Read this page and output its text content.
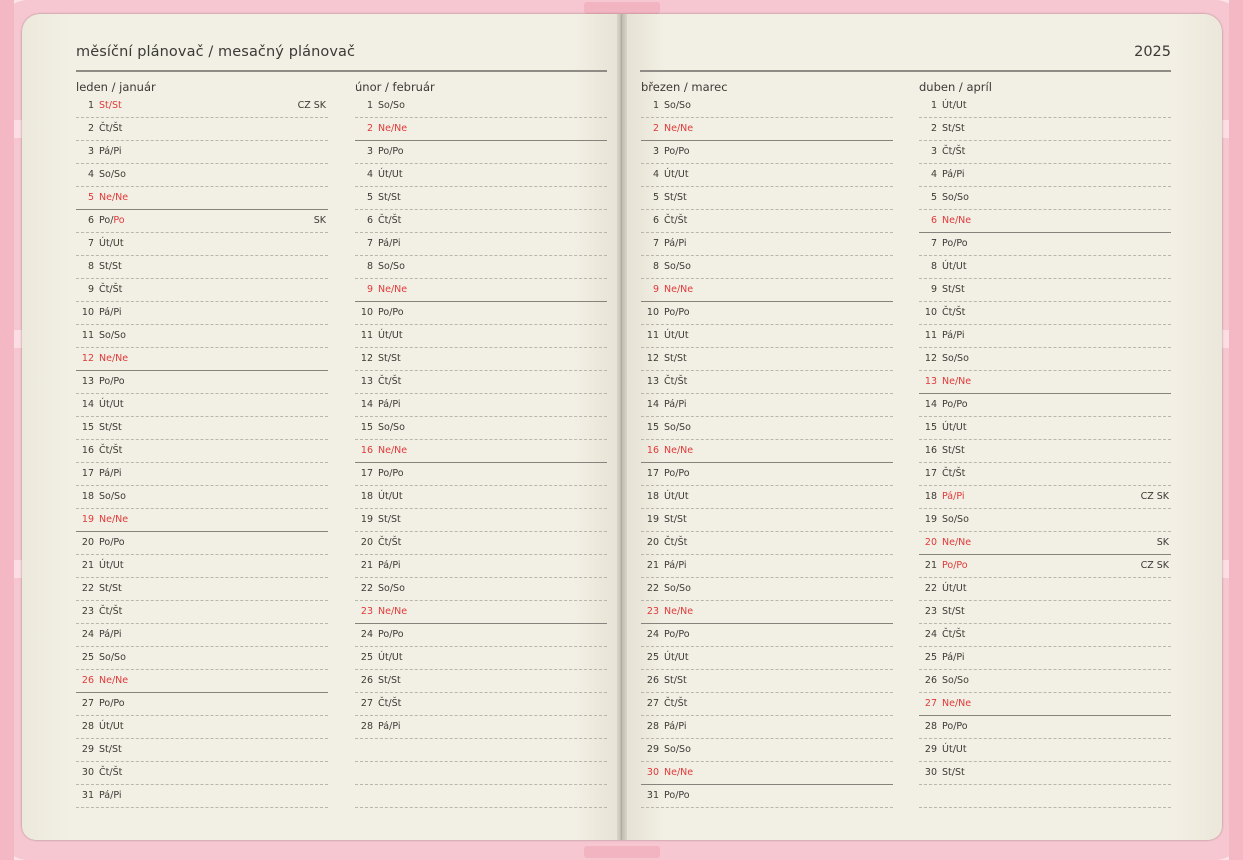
měsíční plánovač / mesačný plánovač	2025
leden / január
1 St/St	CZ SK
2 Čt/Št
3 Pá/Pi
4 So/So
5 Ne/Ne
6 Po/Po	SK
7 Út/Ut
8 St/St
9 Čt/Št
10 Pá/Pi
11 So/So
12 Ne/Ne
13 Po/Po
14 Út/Ut
15 St/St
16 Čt/Št
17 Pá/Pi
18 So/So
19 Ne/Ne
20 Po/Po
21 Út/Ut
22 St/St
23 Čt/Št
24 Pá/Pi
25 So/So
26 Ne/Ne
27 Po/Po
28 Út/Ut
29 St/St
30 Čt/Št
31 Pá/Pi
únor / február
1 So/So
2 Ne/Ne
3 Po/Po
4 Út/Ut
5 St/St
6 Čt/Št
7 Pá/Pi
8 So/So
9 Ne/Ne
10 Po/Po
11 Út/Ut
12 St/St
13 Čt/Št
14 Pá/Pi
15 So/So
16 Ne/Ne
17 Po/Po
18 Út/Ut
19 St/St
20 Čt/Št
21 Pá/Pi
22 So/So
23 Ne/Ne
24 Po/Po
25 Út/Ut
26 St/St
27 Čt/Št
28 Pá/Pi
březen / marec
1 So/So
2 Ne/Ne
3 Po/Po
4 Út/Ut
5 St/St
6 Čt/Št
7 Pá/Pi
8 So/So
9 Ne/Ne
10 Po/Po
11 Út/Ut
12 St/St
13 Čt/Št
14 Pá/Pi
15 So/So
16 Ne/Ne
17 Po/Po
18 Út/Ut
19 St/St
20 Čt/Št
21 Pá/Pi
22 So/So
23 Ne/Ne
24 Po/Po
25 Út/Ut
26 St/St
27 Čt/Št
28 Pá/Pi
29 So/So
30 Ne/Ne
31 Po/Po
duben / apríl
1 Út/Ut
2 St/St
3 Čt/Št
4 Pá/Pi
5 So/So
6 Ne/Ne
7 Po/Po
8 Út/Ut
9 St/St
10 Čt/Št
11 Pá/Pi
12 So/So
13 Ne/Ne
14 Po/Po
15 Út/Ut
16 St/St
17 Čt/Št
18 Pá/Pi	CZ SK
19 So/So
20 Ne/Ne	SK
21 Po/Po	CZ SK
22 Út/Ut
23 St/St
24 Čt/Št
25 Pá/Pi
26 So/So
27 Ne/Ne
28 Po/Po
29 Út/Ut
30 St/St
